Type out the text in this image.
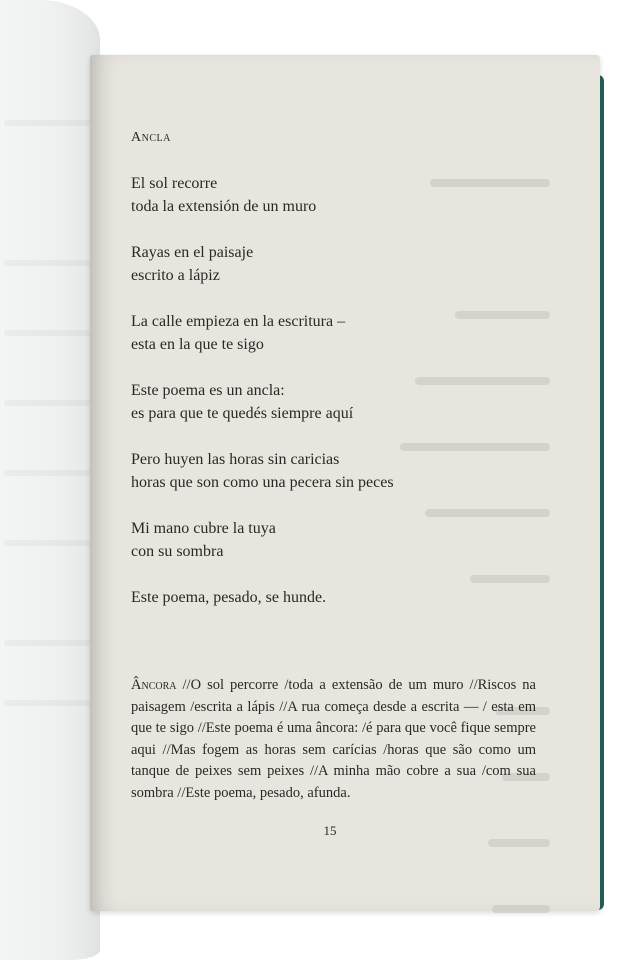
Ancla
El sol recorre
toda la extensión de un muro
Rayas en el paisaje
escrito a lápiz
La calle empieza en la escritura –
esta en la que te sigo
Este poema es un ancla:
es para que te quedés siempre aquí
Pero huyen las horas sin caricias
horas que son como una pecera sin peces
Mi mano cubre la tuya
con su sombra
Este poema, pesado, se hunde.
Âncora //O sol percorre /toda a extensão de um muro //Riscos na paisagem /escrita a lápis //A rua começa desde a escrita — / esta em que te sigo //Este poema é uma âncora: /é para que você fique sempre aqui //Mas fogem as horas sem carícias /horas que são como um tanque de peixes sem peixes //A minha mão cobre a sua /com sua sombra //Este poema, pesado, afunda.
15
